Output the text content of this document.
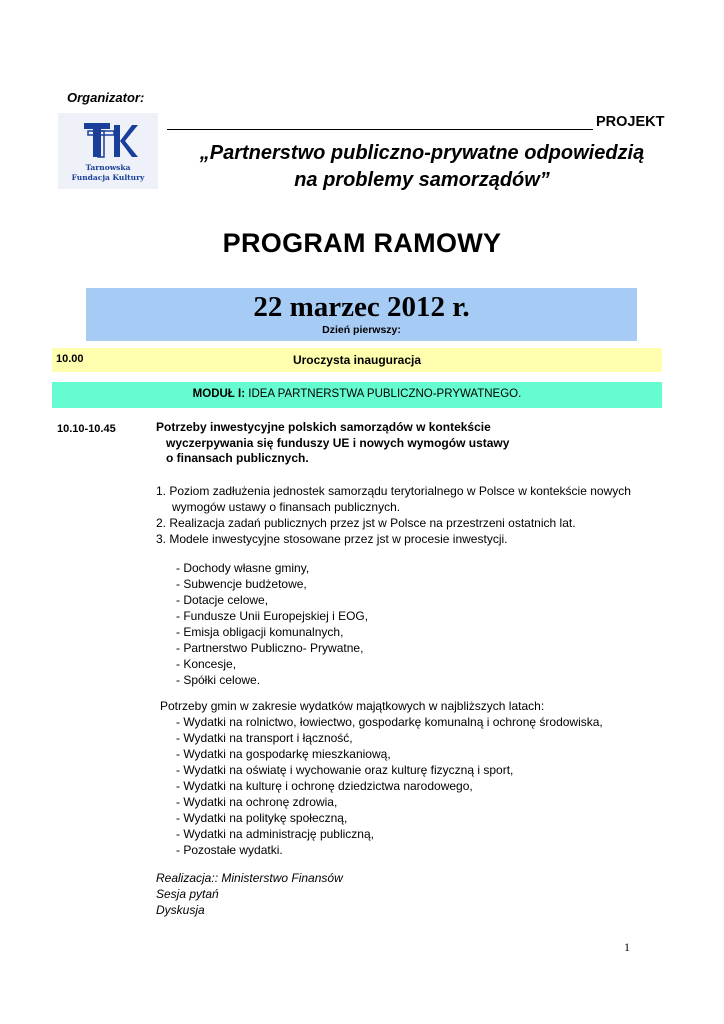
Organizator:
Tarnowska
Fundacja Kultury
PROJEKT
„Partnerstwo publiczno-prywatne odpowiedzią
na problemy samorządów”
PROGRAM RAMOWY
22 marzec 2012 r.
Dzień pierwszy:
10.00	Uroczysta inauguracja
MODUŁ I: IDEA PARTNERSTWA PUBLICZNO-PRYWATNEGO.
10.10-10.45	Potrzeby inwestycyjne polskich samorządów w kontekście
wyczerpywania się funduszy UE i nowych wymogów ustawy
o finansach publicznych.
1. Poziom zadłużenia jednostek samorządu terytorialnego w Polsce w kontekście nowych
wymogów ustawy o finansach publicznych.
2. Realizacja zadań publicznych przez jst w Polsce na przestrzeni ostatnich lat.
3. Modele inwestycyjne stosowane przez jst w procesie inwestycji.
- Dochody własne gminy,
- Subwencje budżetowe,
- Dotacje celowe,
- Fundusze Unii Europejskiej i EOG,
- Emisja obligacji komunalnych,
- Partnerstwo Publiczno- Prywatne,
- Koncesje,
- Spółki celowe.
Potrzeby gmin w zakresie wydatków majątkowych w najbliższych latach:
- Wydatki na rolnictwo, łowiectwo, gospodarkę komunalną i ochronę środowiska,
- Wydatki na transport i łączność,
- Wydatki na gospodarkę mieszkaniową,
- Wydatki na oświatę i wychowanie oraz kulturę fizyczną i sport,
- Wydatki na kulturę i ochronę dziedzictwa narodowego,
- Wydatki na ochronę zdrowia,
- Wydatki na politykę społeczną,
- Wydatki na administrację publiczną,
- Pozostałe wydatki.
Realizacja:: Ministerstwo Finansów
Sesja pytań
Dyskusja
1
